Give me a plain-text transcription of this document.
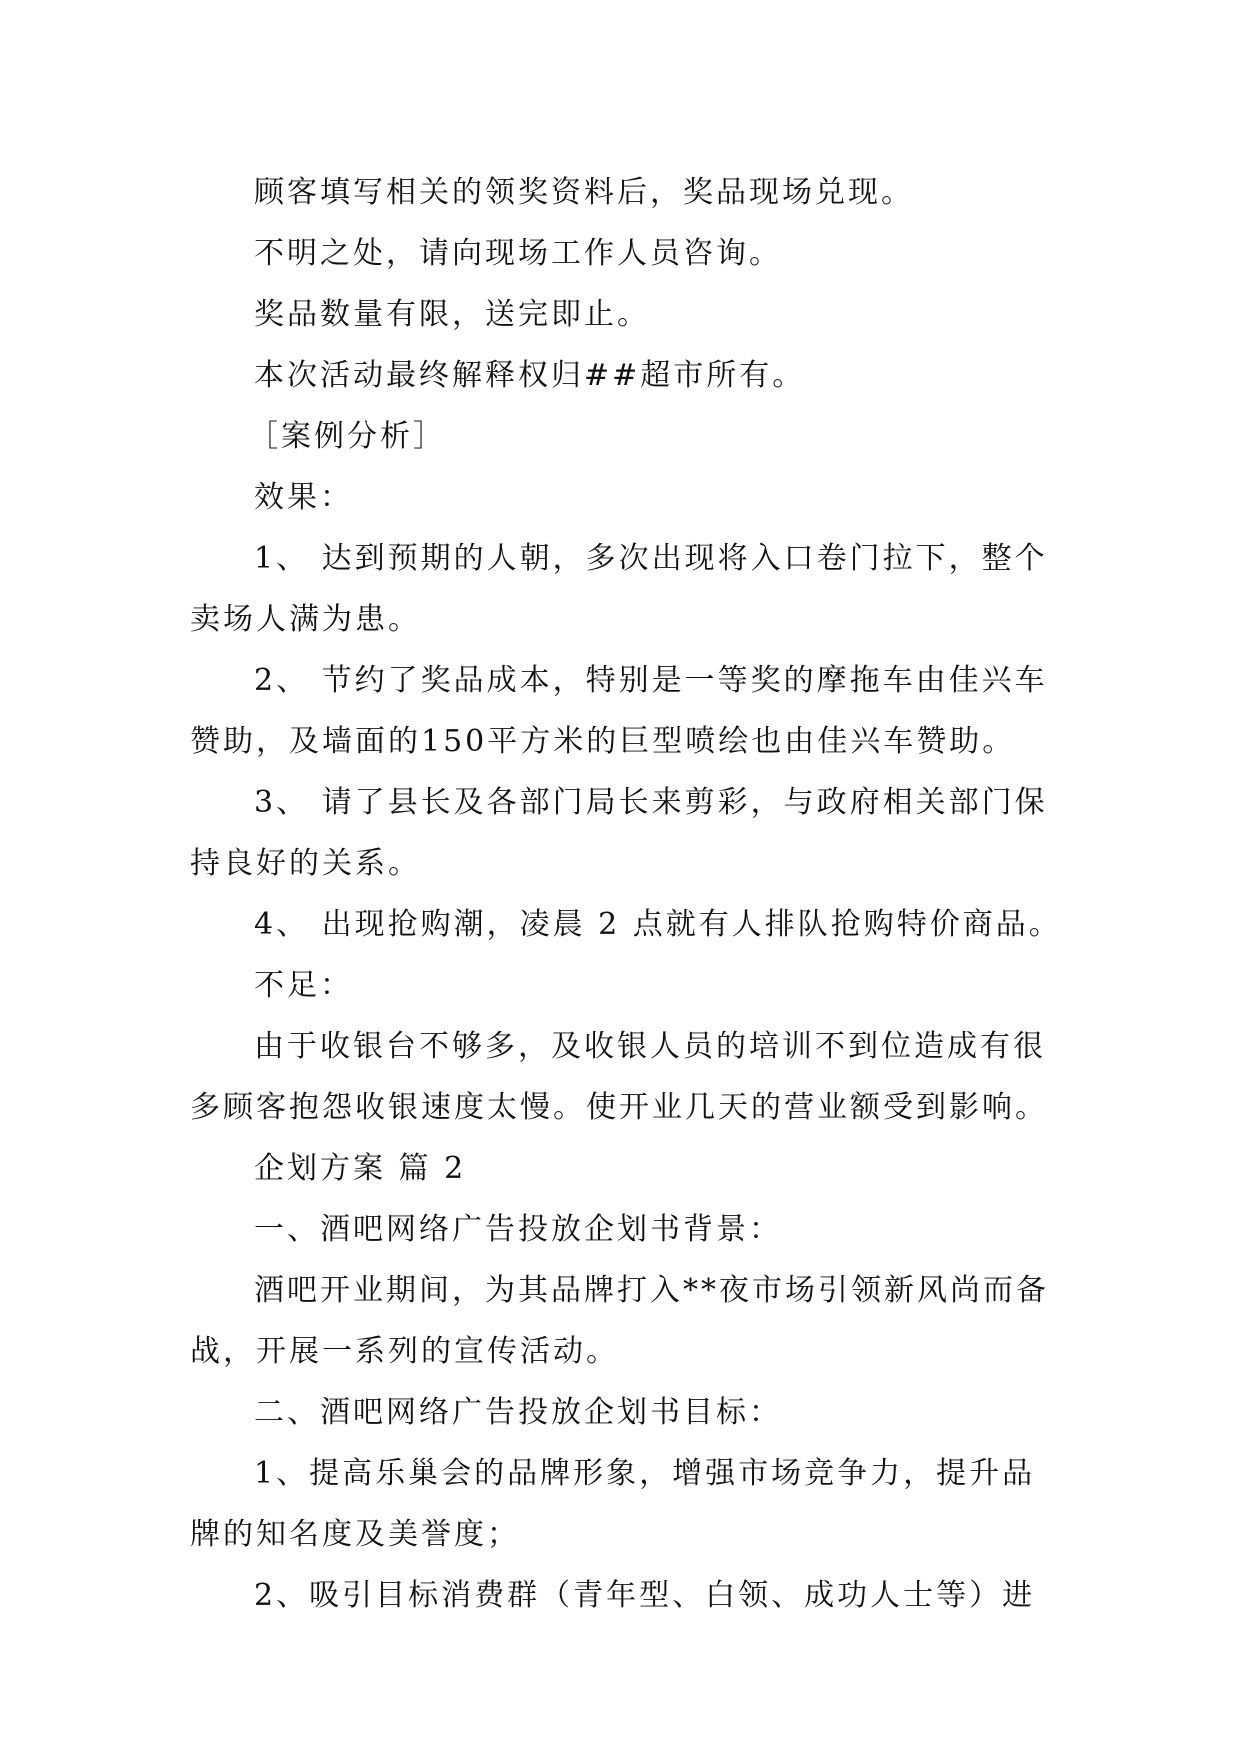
顾客填写相关的领奖资料后，奖品现场兑现。
不明之处，请向现场工作人员咨询。
奖品数量有限，送完即止。
本次活动最终解释权归##超市所有。
［案例分析］
效果：
1、 达到预期的人朝，多次出现将入口卷门拉下，整个
卖场人满为患。
2、 节约了奖品成本，特别是一等奖的摩拖车由佳兴车
赞助，及墙面的150平方米的巨型喷绘也由佳兴车赞助。
3、 请了县长及各部门局长来剪彩，与政府相关部门保
持良好的关系。
4、 出现抢购潮，凌晨 2 点就有人排队抢购特价商品。
不足：
由于收银台不够多，及收银人员的培训不到位造成有很
多顾客抱怨收银速度太慢。使开业几天的营业额受到影响。
企划方案 篇 2
一、酒吧网络广告投放企划书背景：
酒吧开业期间，为其品牌打入**夜市场引领新风尚而备
战，开展一系列的宣传活动。
二、酒吧网络广告投放企划书目标：
1、提高乐巢会的品牌形象，增强市场竞争力，提升品
牌的知名度及美誉度；
2、吸引目标消费群（青年型、白领、成功人士等）进
